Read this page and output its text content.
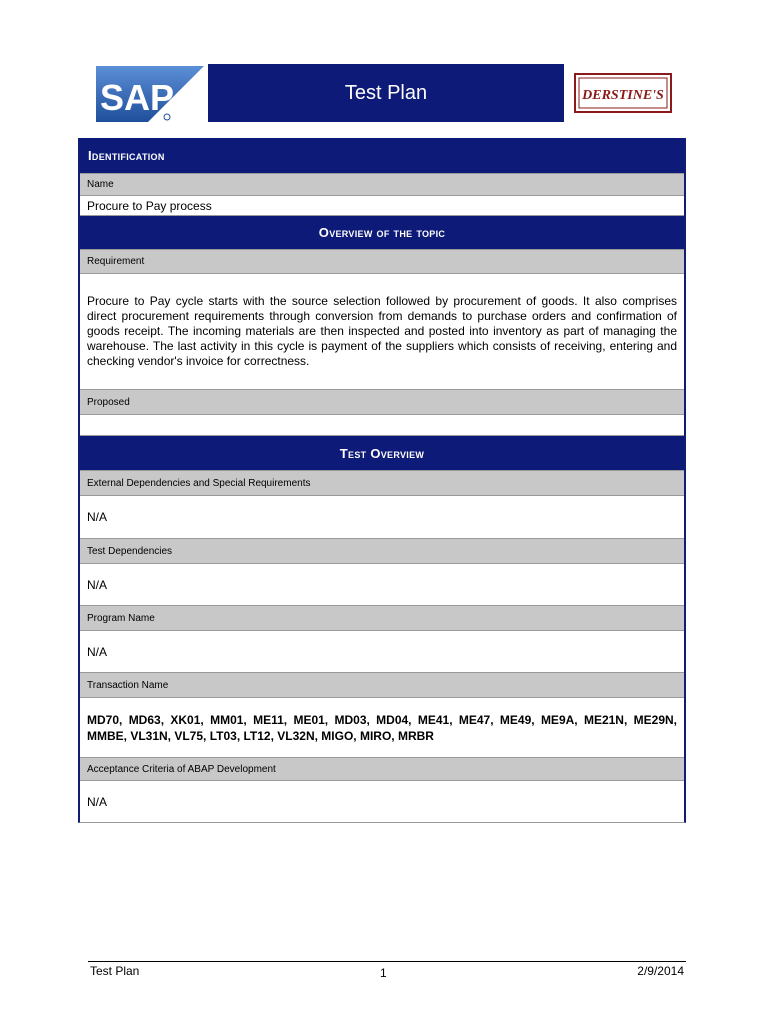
SAP	Test Plan	DERSTINE'S
Identification
Name
Procure to Pay process
Overview of the topic
Requirement
Procure to Pay cycle starts with the source selection followed by procurement of goods. It also comprises direct procurement requirements through conversion from demands to purchase orders and confirmation of goods receipt. The incoming materials are then inspected and posted into inventory as part of managing the warehouse. The last activity in this cycle is payment of the suppliers which consists of receiving, entering and checking vendor's invoice for correctness.
Proposed
Test Overview
External Dependencies and Special Requirements
N/A
Test Dependencies
N/A
Program Name
N/A
Transaction Name
MD70, MD63, XK01, MM01, ME11, ME01, MD03, MD04, ME41, ME47, ME49, ME9A, ME21N, ME29N, MMBE, VL31N, VL75, LT03, LT12, VL32N, MIGO, MIRO, MRBR
Acceptance Criteria of ABAP Development
N/A
Test Plan	1	2/9/2014
